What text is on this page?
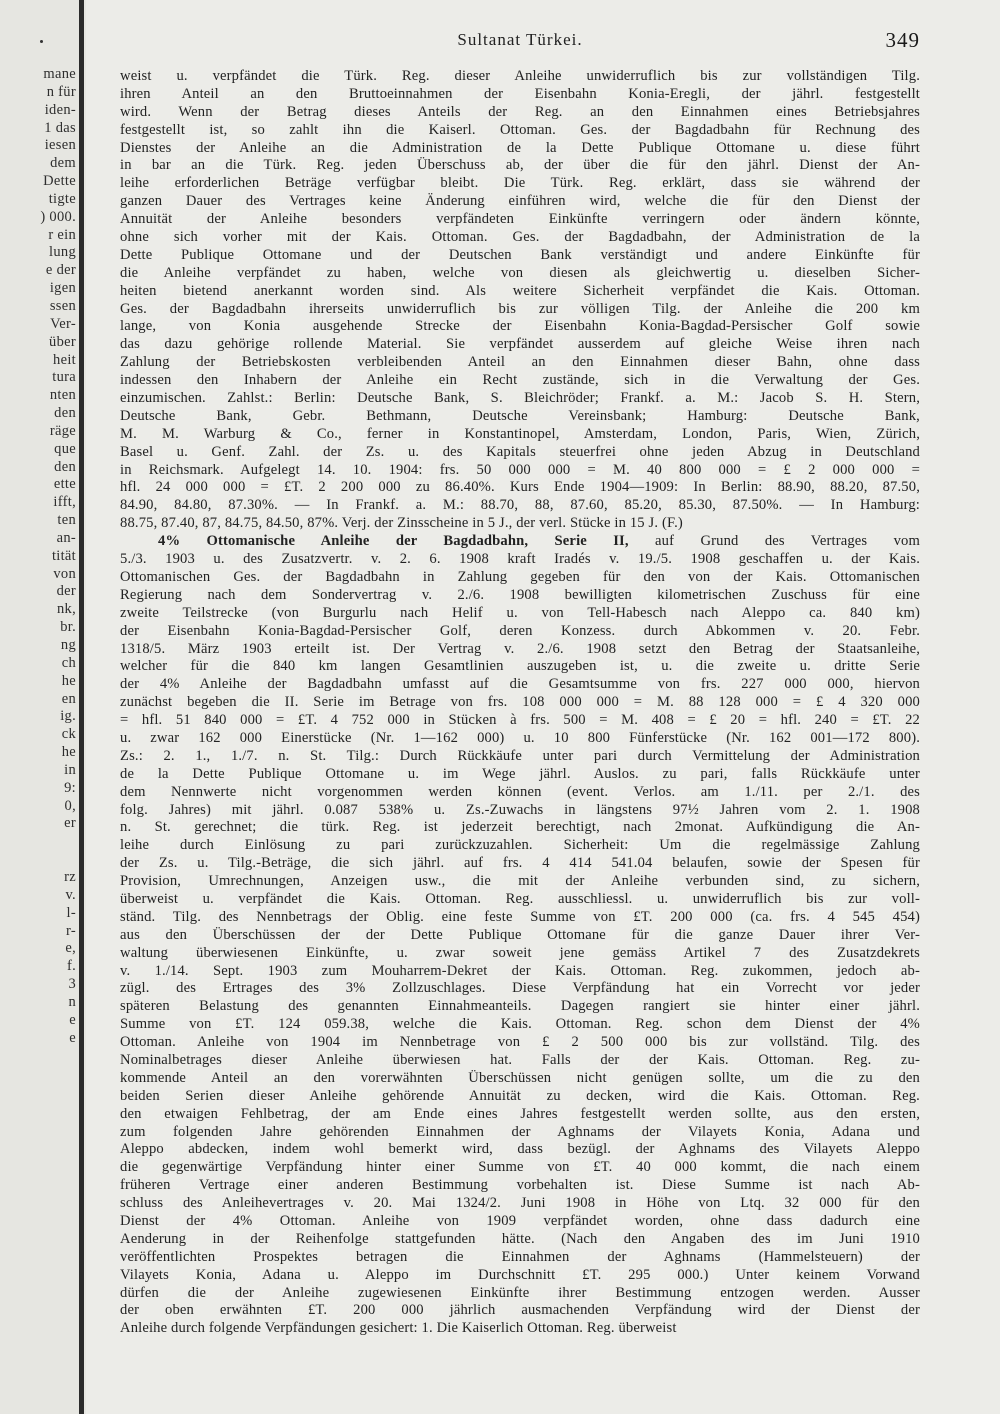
mane
n für
iden-
1 das
iesen
dem
Dette
tigte
) 000.
r ein
lung
e der
igen
ssen
Ver-
über
heit
tura
nten
den
räge
que
den
ette
ifft,
ten
an-
tität
von
der
nk,
br.
ng
ch
he
en
ig.
ck
he
in
9:
0,
er

rz
v.
l-
r-
e,
f.
3
n
e
e
Sultanat Türkei.	349
weist u. verpfändet die Türk. Reg. dieser Anleihe unwiderruflich bis zur vollständigen Tilg.
ihren Anteil an den Bruttoeinnahmen der Eisenbahn Konia-Eregli, der jährl. festgestellt
wird. Wenn der Betrag dieses Anteils der Reg. an den Einnahmen eines Betriebsjahres
festgestellt ist, so zahlt ihn die Kaiserl. Ottoman. Ges. der Bagdadbahn für Rechnung des
Dienstes der Anleihe an die Administration de la Dette Publique Ottomane u. diese führt
in bar an die Türk. Reg. jeden Überschuss ab, der über die für den jährl. Dienst der An-
leihe erforderlichen Beträge verfügbar bleibt. Die Türk. Reg. erklärt, dass sie während der
ganzen Dauer des Vertrages keine Änderung einführen wird, welche die für den Dienst der
Annuität der Anleihe besonders verpfändeten Einkünfte verringern oder ändern könnte,
ohne sich vorher mit der Kais. Ottoman. Ges. der Bagdadbahn, der Administration de la
Dette Publique Ottomane und der Deutschen Bank verständigt und andere Einkünfte für
die Anleihe verpfändet zu haben, welche von diesen als gleichwertig u. dieselben Sicher-
heiten bietend anerkannt worden sind. Als weitere Sicherheit verpfändet die Kais. Ottoman.
Ges. der Bagdadbahn ihrerseits unwiderruflich bis zur völligen Tilg. der Anleihe die 200 km
lange, von Konia ausgehende Strecke der Eisenbahn Konia-Bagdad-Persischer Golf sowie
das dazu gehörige rollende Material. Sie verpfändet ausserdem auf gleiche Weise ihren nach
Zahlung der Betriebskosten verbleibenden Anteil an den Einnahmen dieser Bahn, ohne dass
indessen den Inhabern der Anleihe ein Recht zustände, sich in die Verwaltung der Ges.
einzumischen. Zahlst.: Berlin: Deutsche Bank, S. Bleichröder; Frankf. a. M.: Jacob S. H. Stern,
Deutsche Bank, Gebr. Bethmann, Deutsche Vereinsbank; Hamburg: Deutsche Bank,
M. M. Warburg & Co., ferner in Konstantinopel, Amsterdam, London, Paris, Wien, Zürich,
Basel u. Genf. Zahl. der Zs. u. des Kapitals steuerfrei ohne jeden Abzug in Deutschland
in Reichsmark. Aufgelegt 14. 10. 1904: frs. 50 000 000 = M. 40 800 000 = £ 2 000 000 =
hfl. 24 000 000 = £T. 2 200 000 zu 86.40%. Kurs Ende 1904—1909: In Berlin: 88.90, 88.20, 87.50,
84.90, 84.80, 87.30%. — In Frankf. a. M.: 88.70, 88, 87.60, 85.20, 85.30, 87.50%. — In Hamburg:
88.75, 87.40, 87, 84.75, 84.50, 87%. Verj. der Zinsscheine in 5 J., der verl. Stücke in 15 J. (F.)
4% Ottomanische Anleihe der Bagdadbahn, Serie II, auf Grund des Vertrages vom
5./3. 1903 u. des Zusatzvertr. v. 2. 6. 1908 kraft Iradés v. 19./5. 1908 geschaffen u. der Kais.
Ottomanischen Ges. der Bagdadbahn in Zahlung gegeben für den von der Kais. Ottomanischen
Regierung nach dem Sondervertrag v. 2./6. 1908 bewilligten kilometrischen Zuschuss für eine
zweite Teilstrecke (von Burgurlu nach Helif u. von Tell-Habesch nach Aleppo ca. 840 km)
der Eisenbahn Konia-Bagdad-Persischer Golf, deren Konzess. durch Abkommen v. 20. Febr.
1318/5. März 1903 erteilt ist. Der Vertrag v. 2./6. 1908 setzt den Betrag der Staatsanleihe,
welcher für die 840 km langen Gesamtlinien auszugeben ist, u. die zweite u. dritte Serie
der 4% Anleihe der Bagdadbahn umfasst auf die Gesamtsumme von frs. 227 000 000, hiervon
zunächst begeben die II. Serie im Betrage von frs. 108 000 000 = M. 88 128 000 = £ 4 320 000
= hfl. 51 840 000 = £T. 4 752 000 in Stücken à frs. 500 = M. 408 = £ 20 = hfl. 240 = £T. 22
u. zwar 162 000 Einerstücke (Nr. 1—162 000) u. 10 800 Fünferstücke (Nr. 162 001—172 800).
Zs.: 2. 1., 1./7. n. St. Tilg.: Durch Rückkäufe unter pari durch Vermittelung der Administration
de la Dette Publique Ottomane u. im Wege jährl. Auslos. zu pari, falls Rückkäufe unter
dem Nennwerte nicht vorgenommen werden können (event. Verlos. am 1./11. per 2./1. des
folg. Jahres) mit jährl. 0.087 538% u. Zs.-Zuwachs in längstens 97½ Jahren vom 2. 1. 1908
n. St. gerechnet; die türk. Reg. ist jederzeit berechtigt, nach 2monat. Aufkündigung die An-
leihe durch Einlösung zu pari zurückzuzahlen. Sicherheit: Um die regelmässige Zahlung
der Zs. u. Tilg.-Beträge, die sich jährl. auf frs. 4 414 541.04 belaufen, sowie der Spesen für
Provision, Umrechnungen, Anzeigen usw., die mit der Anleihe verbunden sind, zu sichern,
überweist u. verpfändet die Kais. Ottoman. Reg. ausschliessl. u. unwiderruflich bis zur voll-
ständ. Tilg. des Nennbetrags der Oblig. eine feste Summe von £T. 200 000 (ca. frs. 4 545 454)
aus den Überschüssen der der Dette Publique Ottomane für die ganze Dauer ihrer Ver-
waltung überwiesenen Einkünfte, u. zwar soweit jene gemäss Artikel 7 des Zusatzdekrets
v. 1./14. Sept. 1903 zum Mouharrem-Dekret der Kais. Ottoman. Reg. zukommen, jedoch ab-
zügl. des Ertrages des 3% Zollzuschlages. Diese Verpfändung hat ein Vorrecht vor jeder
späteren Belastung des genannten Einnahmeanteils. Dagegen rangiert sie hinter einer jährl.
Summe von £T. 124 059.38, welche die Kais. Ottoman. Reg. schon dem Dienst der 4%
Ottoman. Anleihe von 1904 im Nennbetrage von £ 2 500 000 bis zur vollständ. Tilg. des
Nominalbetrages dieser Anleihe überwiesen hat. Falls der der Kais. Ottoman. Reg. zu-
kommende Anteil an den vorerwähnten Überschüssen nicht genügen sollte, um die zu den
beiden Serien dieser Anleihe gehörende Annuität zu decken, wird die Kais. Ottoman. Reg.
den etwaigen Fehlbetrag, der am Ende eines Jahres festgestellt werden sollte, aus den ersten,
zum folgenden Jahre gehörenden Einnahmen der Aghnams der Vilayets Konia, Adana und
Aleppo abdecken, indem wohl bemerkt wird, dass bezügl. der Aghnams des Vilayets Aleppo
die gegenwärtige Verpfändung hinter einer Summe von £T. 40 000 kommt, die nach einem
früheren Vertrage einer anderen Bestimmung vorbehalten ist. Diese Summe ist nach Ab-
schluss des Anleihevertrages v. 20. Mai 1324/2. Juni 1908 in Höhe von Ltq. 32 000 für den
Dienst der 4% Ottoman. Anleihe von 1909 verpfändet worden, ohne dass dadurch eine
Aenderung in der Reihenfolge stattgefunden hätte. (Nach den Angaben des im Juni 1910
veröffentlichten Prospektes betragen die Einnahmen der Aghnams (Hammelsteuern) der
Vilayets Konia, Adana u. Aleppo im Durchschnitt £T. 295 000.) Unter keinem Vorwand
dürfen die der Anleihe zugewiesenen Einkünfte ihrer Bestimmung entzogen werden. Ausser
der oben erwähnten £T. 200 000 jährlich ausmachenden Verpfändung wird der Dienst der
Anleihe durch folgende Verpfändungen gesichert: 1. Die Kaiserlich Ottoman. Reg. überweist
